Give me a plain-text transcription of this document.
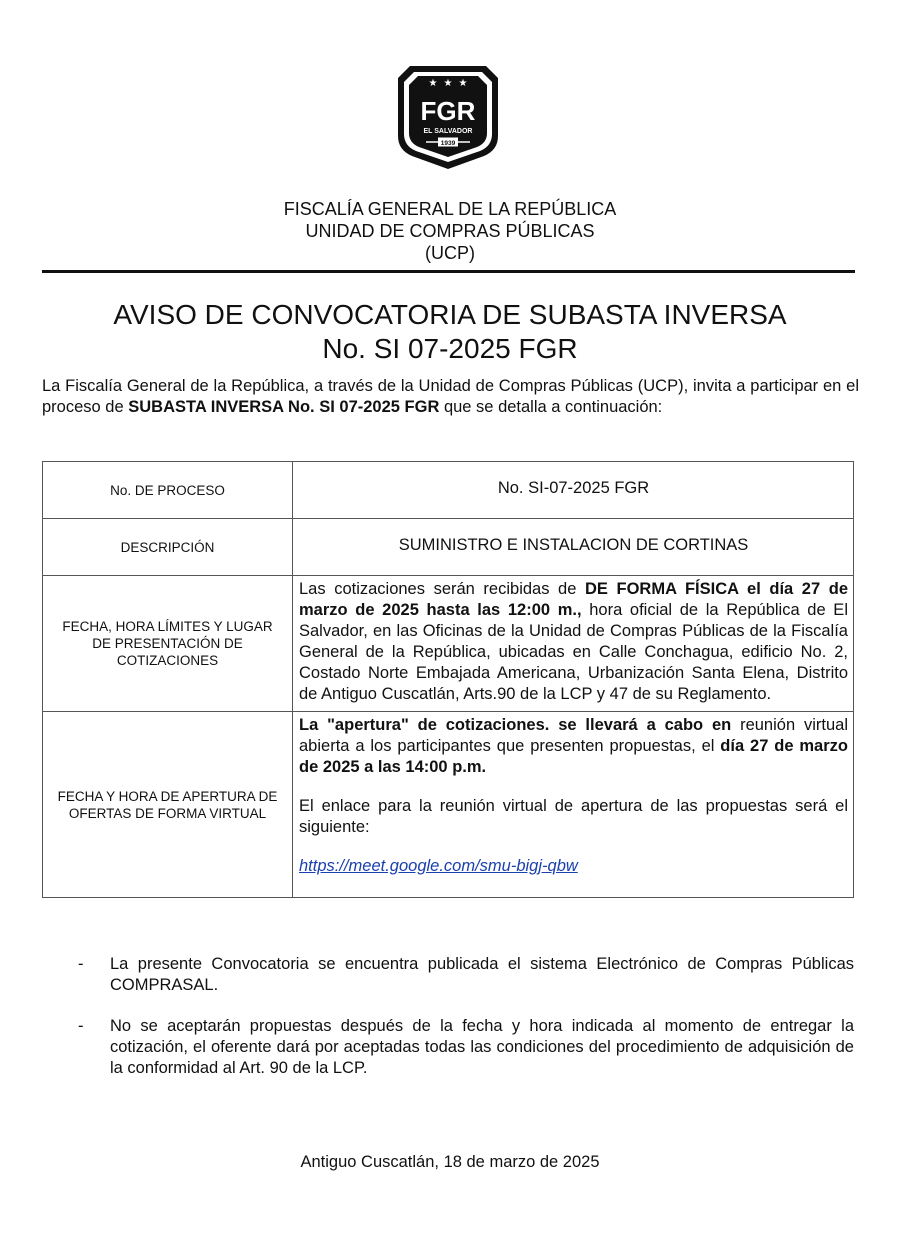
★ ★ ★
FGR
EL SALVADOR
1939
FISCALÍA GENERAL DE LA REPÚBLICA
UNIDAD DE COMPRAS PÚBLICAS
(UCP)
AVISO DE CONVOCATORIA DE SUBASTA INVERSA
No. SI 07-2025 FGR
La Fiscalía General de la República, a través de la Unidad de Compras Públicas (UCP), invita a participar en el proceso de SUBASTA INVERSA No. SI 07-2025 FGR que se detalla a continuación:
No. DE PROCESO	No. SI-07-2025 FGR
DESCRIPCIÓN	SUMINISTRO E INSTALACION DE CORTINAS
FECHA, HORA LÍMITES Y LUGAR DE PRESENTACIÓN DE COTIZACIONES	Las cotizaciones serán recibidas de DE FORMA FÍSICA el día 27 de marzo de 2025 hasta las 12:00 m., hora oficial de la República de El Salvador, en las Oficinas de la Unidad de Compras Públicas de la Fiscalía General de la República, ubicadas en Calle Conchagua, edificio No. 2, Costado Norte Embajada Americana, Urbanización Santa Elena, Distrito de Antiguo Cuscatlán, Arts.90 de la LCP y 47 de su Reglamento.
FECHA Y HORA DE APERTURA DE OFERTAS DE FORMA VIRTUAL	La "apertura" de cotizaciones. se llevará a cabo en reunión virtual abierta a los participantes que presenten propuestas, el día 27 de marzo de 2025 a las 14:00 p.m.
El enlace para la reunión virtual de apertura de las propuestas será el siguiente:
https://meet.google.com/smu-bigj-qbw
-	La presente Convocatoria se encuentra publicada el sistema Electrónico de Compras Públicas COMPRASAL.
-	No se aceptarán propuestas después de la fecha y hora indicada al momento de entregar la cotización, el oferente dará por aceptadas todas las condiciones del procedimiento de adquisición de la conformidad al Art. 90 de la LCP.
Antiguo Cuscatlán, 18 de marzo de 2025
